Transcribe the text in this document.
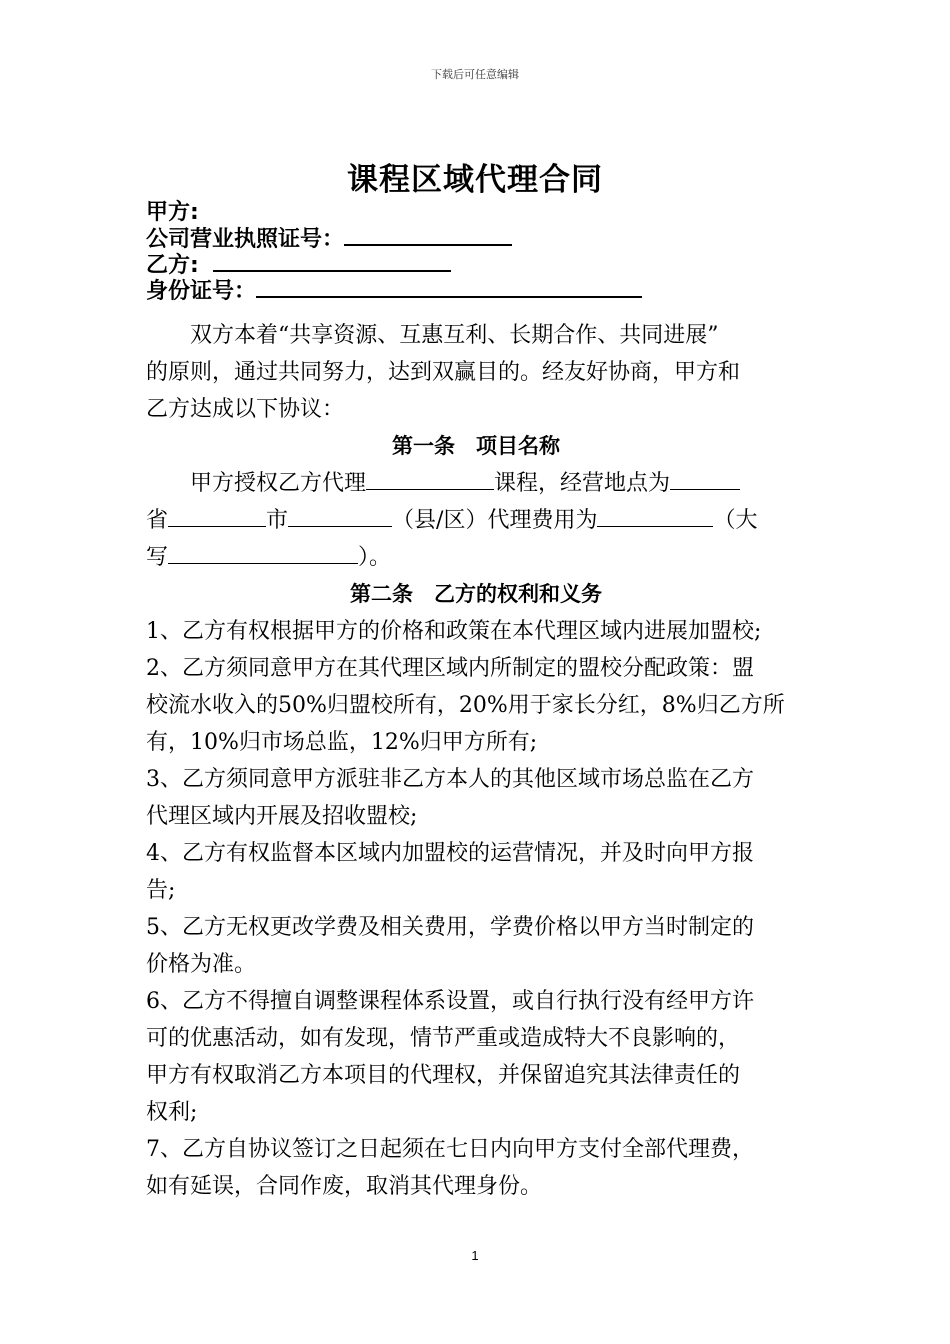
下载后可任意编辑
课程区域代理合同
甲方:
公司营业执照证号：
乙方:
身份证号：
双方本着“共享资源、互惠互利、长期合作、共同进展”
的原则，通过共同努力，达到双赢目的。经友好协商，甲方和
乙方达成以下协议：
第一条　项目名称
甲方授权乙方代理	课程，经营地点为
省	市	（县/区）代理费用为	（大
写	）。
第二条　乙方的权利和义务
1、乙方有权根据甲方的价格和政策在本代理区域内进展加盟校;
2、乙方须同意甲方在其代理区域内所制定的盟校分配政策：盟
校流水收入的50%归盟校所有，20%用于家长分红，8%归乙方所
有，10%归市场总监，12%归甲方所有;
3、乙方须同意甲方派驻非乙方本人的其他区域市场总监在乙方
代理区域内开展及招收盟校;
4、乙方有权监督本区域内加盟校的运营情况，并及时向甲方报
告;
5、乙方无权更改学费及相关费用，学费价格以甲方当时制定的
价格为准。
6、乙方不得擅自调整课程体系设置，或自行执行没有经甲方许
可的优惠活动，如有发现，情节严重或造成特大不良影响的，
甲方有权取消乙方本项目的代理权，并保留追究其法律责任的
权利;
7、乙方自协议签订之日起须在七日内向甲方支付全部代理费，
如有延误，合同作废，取消其代理身份。
1
